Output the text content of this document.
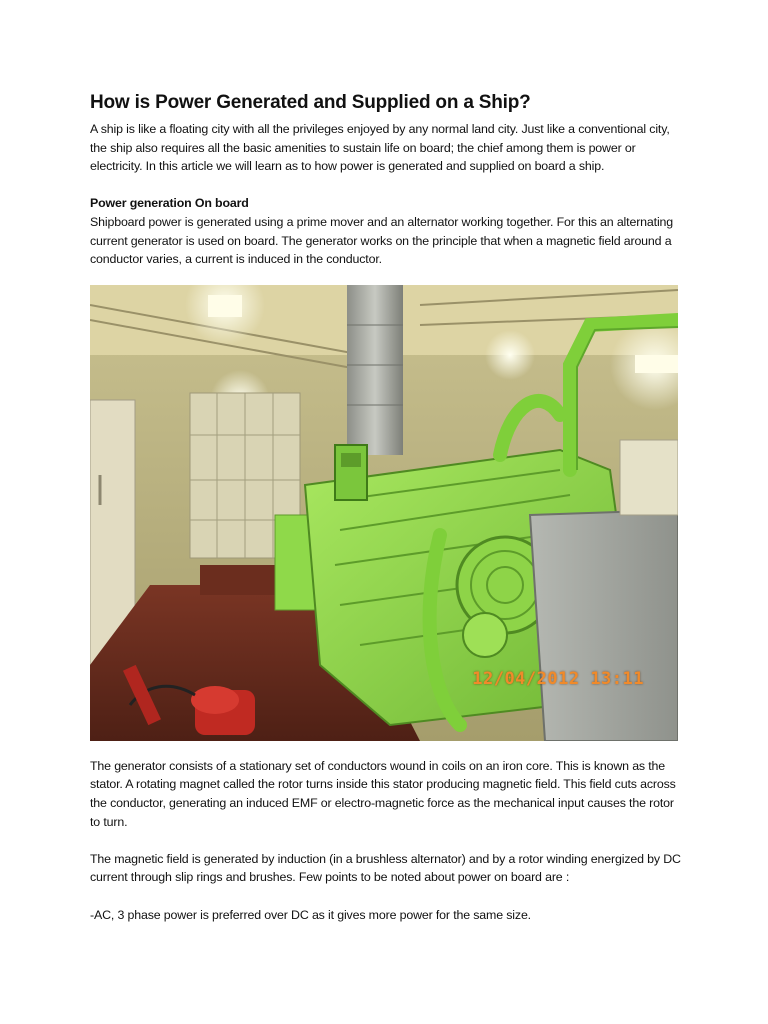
How is Power Generated and Supplied on a Ship?

A ship is like a floating city with all the privileges enjoyed by any normal land city. Just like a conventional city, the ship also requires all the basic amenities to sustain life on board; the chief among them is power or electricity. In this article we will learn as to how power is generated and supplied on board a ship.

Power generation On board

Shipboard power is generated using a prime mover and an alternator working together. For this an alternating current generator is used on board. The generator works on the principle that when a magnetic field around a conductor varies, a current is induced in the conductor.

12/04/2012 13:11

The generator consists of a stationary set of conductors wound in coils on an iron core. This is known as the stator. A rotating magnet called the rotor turns inside this stator producing magnetic field. This field cuts across the conductor, generating an induced EMF or electro-magnetic force as the mechanical input causes the rotor to turn.

The magnetic field is generated by induction (in a brushless alternator) and by a rotor winding energized by DC current through slip rings and brushes. Few points to be noted about power on board are :

-AC, 3 phase power is preferred over DC as it gives more power for the same size.
